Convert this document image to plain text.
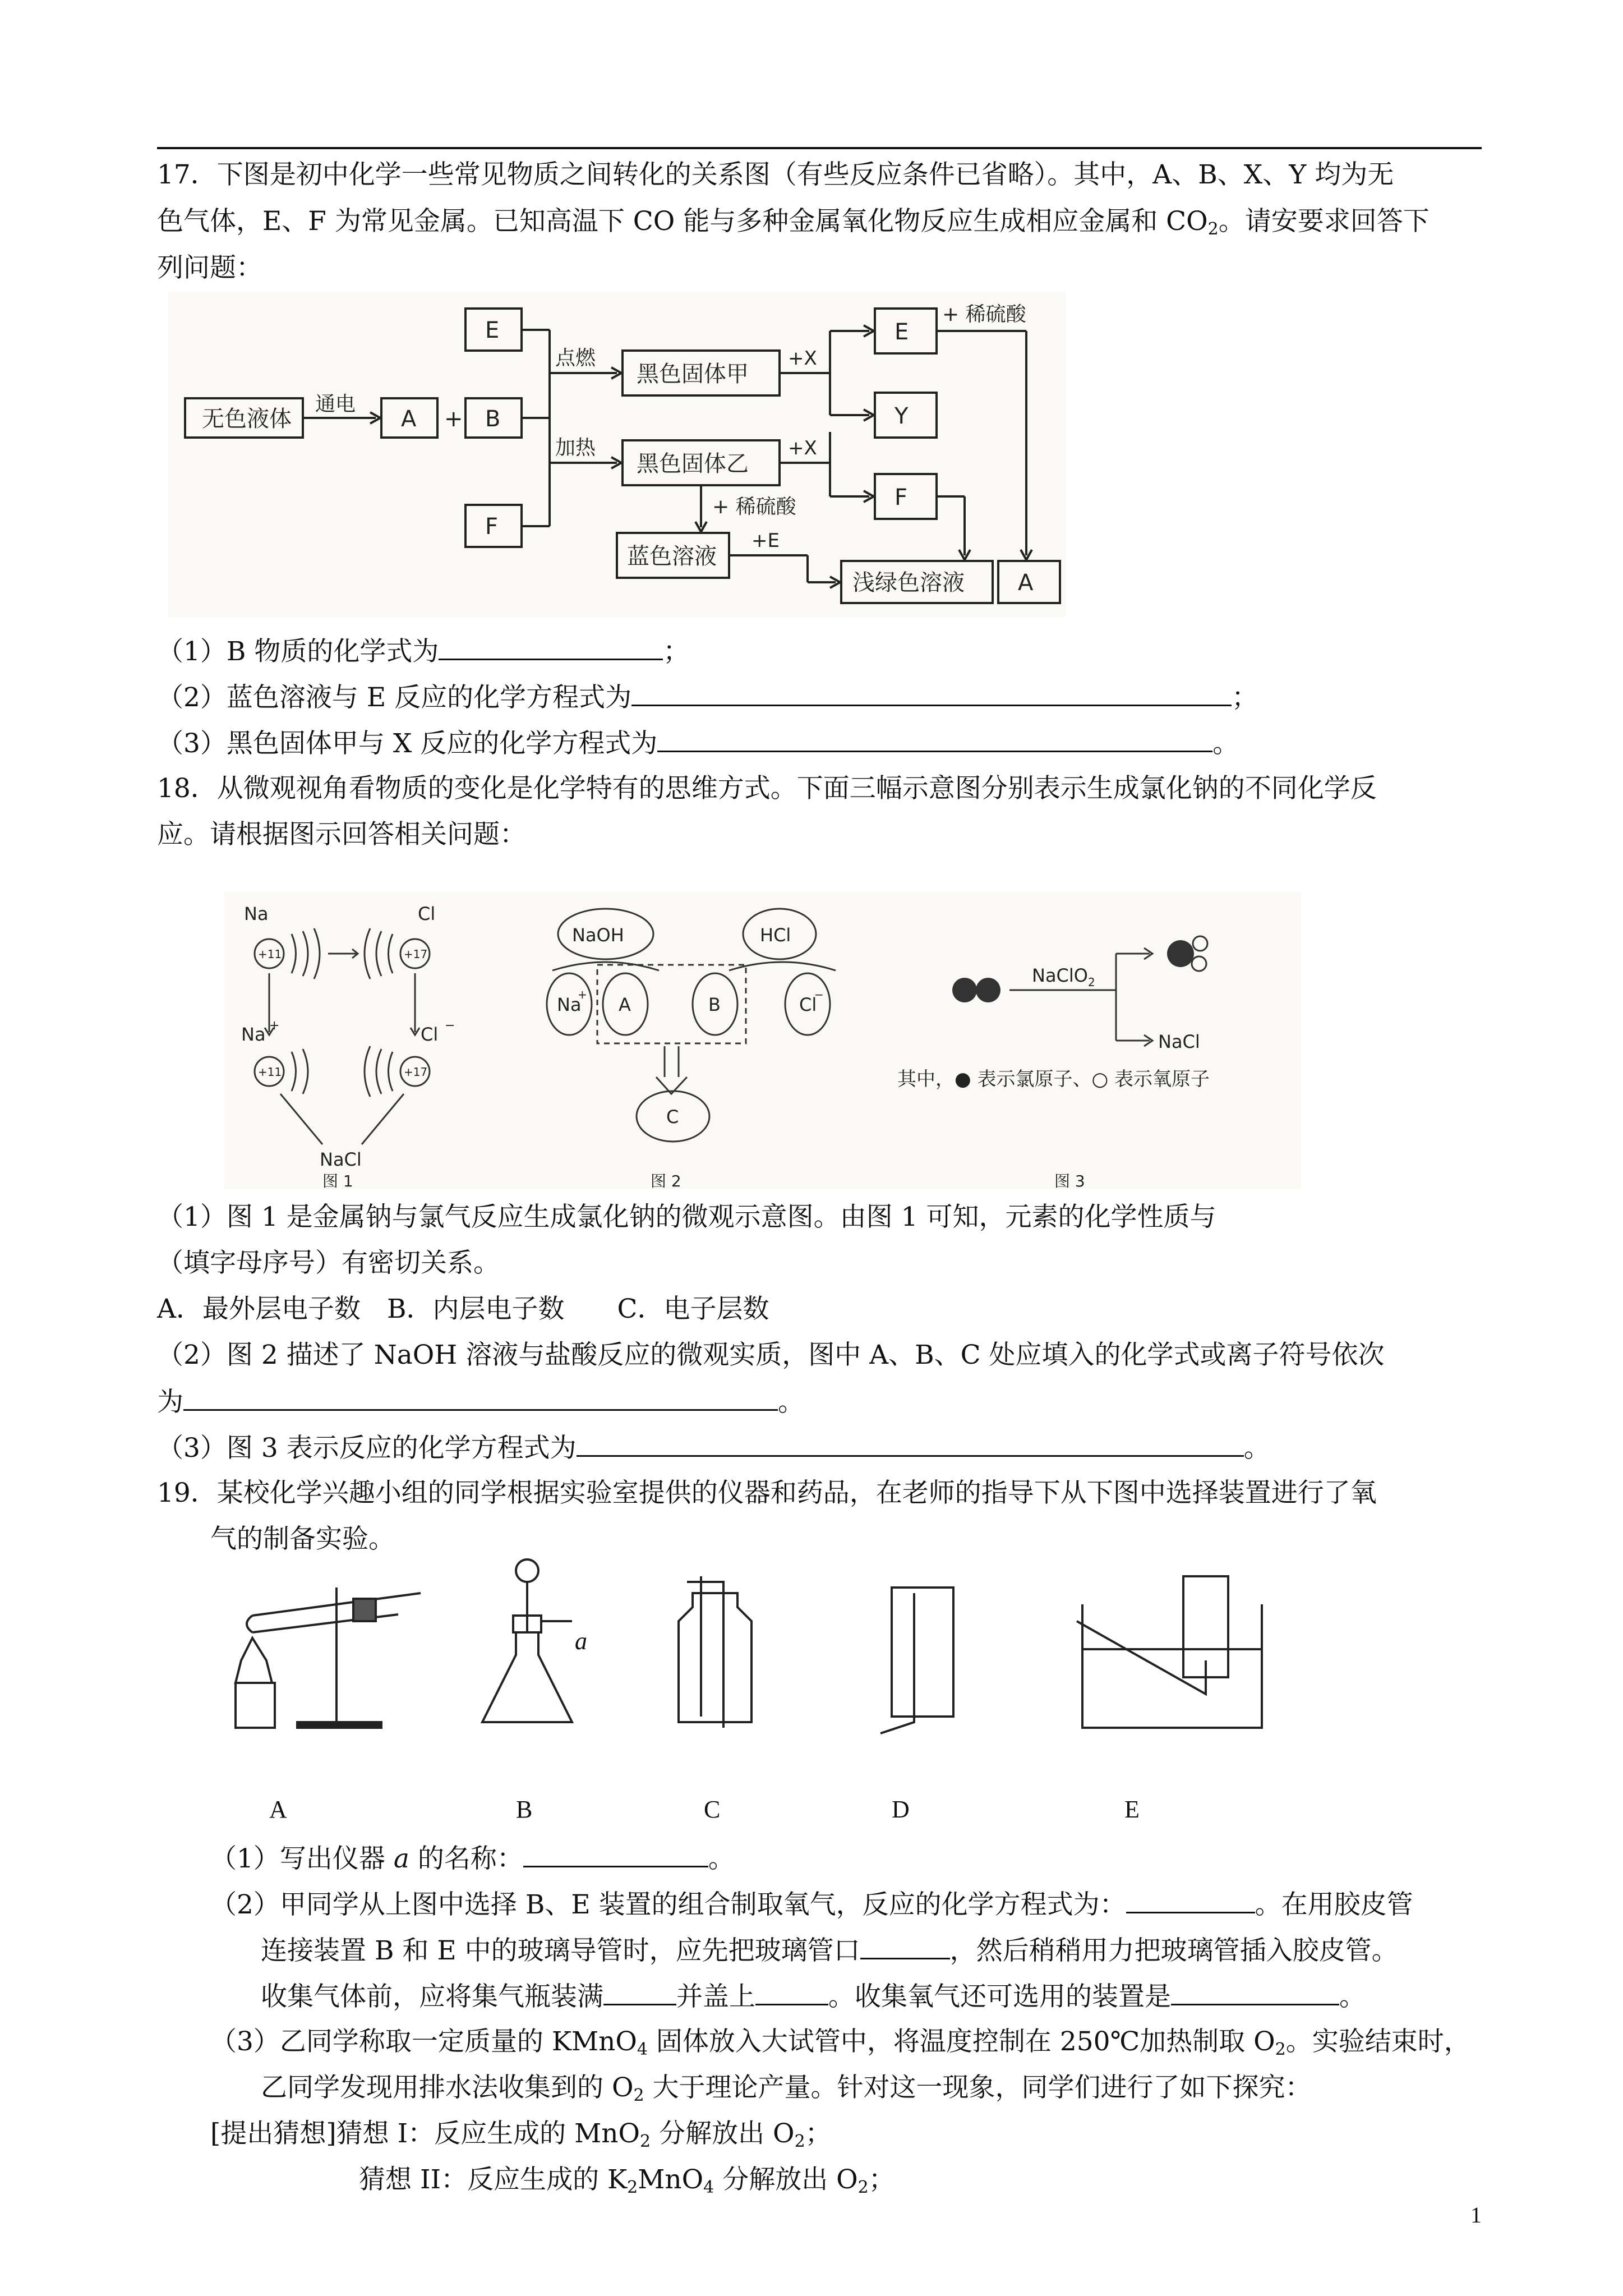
17．下图是初中化学一些常见物质之间转化的关系图（有些反应条件已省略）。其中，A、B、X、Y 均为无
色气体，E、F 为常见金属。已知高温下 CO 能与多种金属氧化物反应生成相应金属和 $CO_2$。请安要求回答下
列问题：
无色液体
通电
A + B
E
F
点燃
加热
黑色固体甲
黑色固体乙
+X
+X
+ 稀硫酸
+ 稀硫酸
蓝色溶液
+E
E
Y
F
浅绿色溶液 A
（1）B 物质的化学式为	；
（2）蓝色溶液与 E 反应的化学方程式为	；
（3）黑色固体甲与 X 反应的化学方程式为	。
18．从微观视角看物质的变化是化学特有的思维方式。下面三幅示意图分别表示生成氯化钠的不同化学反
应。请根据图示回答相关问题：
Na	Cl
Na +	Cl −
+11	+17
+11	+17
NaCl
图 1
NaOH	HCl
Na
+ A	B	Cl
−
C
图 2
NaClO$_2$
NaCl
其中，● 表示氯原子、○ 表示氧原子
图 3
（1）图 1 是金属钠与氯气反应生成氯化钠的微观示意图。由图 1 可知，元素的化学性质与
（填字母序号）有密切关系。
A．最外层电子数　B．内层电子数　　C．电子层数
（2）图 2 描述了 NaOH 溶液与盐酸反应的微观实质，图中 A、B、C 处应填入的化学式或离子符号依次
为	。
（3）图 3 表示反应的化学方程式为	。
19．某校化学兴趣小组的同学根据实验室提供的仪器和药品，在老师的指导下从下图中选择装置进行了氧
气的制备实验。
a
A	B	C	D	E
（1）写出仪器 a 的名称：	。
（2）甲同学从上图中选择 B、E 装置的组合制取氧气，反应的化学方程式为：	。在用胶皮管
连接装置 B 和 E 中的玻璃导管时，应先把玻璃管口	，然后稍稍用力把玻璃管插入胶皮管。
收集气体前，应将集气瓶装满	并盖上	。收集氧气还可选用的装置是	。
（3）乙同学称取一定质量的 KMnO$_4$ 固体放入大试管中，将温度控制在 250℃加热制取 $O_2$。实验结束时，
乙同学发现用排水法收集到的 $O_2$ 大于理论产量。针对这一现象，同学们进行了如下探究：
[提出猜想]猜想 I：反应生成的 MnO$_2$ 分解放出 $O_2$；
猜想 II：反应生成的 $K_2MnO_4$ 分解放出 $O_2$；
1
